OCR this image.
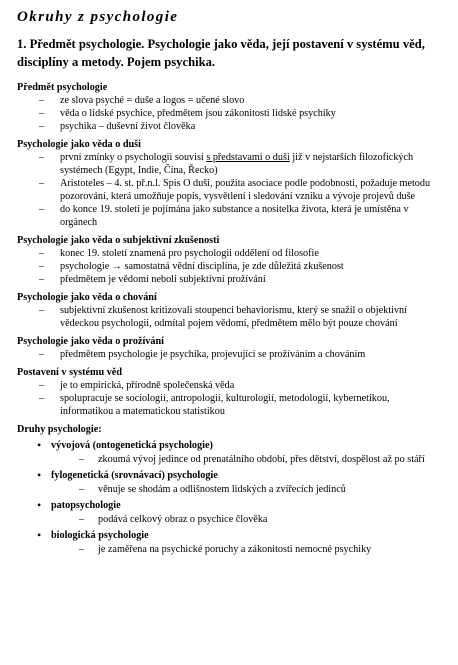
Okruhy z psychologie
1. Předmět psychologie. Psychologie jako věda, její postavení v systému věd, disciplíny a metody. Pojem psychika.
Předmět psychologie
– ze slova psyché = duše a logos = učené slovo
– věda o lidské psychice, předmětem jsou zákonitosti lidské psychiky
– psychika – duševní život člověka
Psychologie jako věda o duši
– první zmínky o psychologii souvisí s představami o duši již v nejstarších filozofických systémech (Egypt, Indie, Čína, Řecko)
– Aristoteles – 4. st. př.n.l. Spis O duši, použita asociace podle podobnosti, požaduje metodu pozorování, která umožňuje popis, vysvětlení i sledování vzniku a vývoje projevů duše
– do konce 19. století je pojímána jako substance a nositelka života, která je umístěna v orgánech
Psychologie jako věda o subjektivní zkušenosti
– konec 19. století znamená pro psychologii oddělení od filosofie
– psychologie → samostatná vědní disciplína, je zde důležitá zkušenost
– předmětem je vědomí neboli subjektivní prožívání
Psychologie jako věda o chování
– subjektivní zkušenost kritizovali stoupenci behaviorismu, který se snažil o objektivní vědeckou psychologii, odmítal pojem vědomí, předmětem mělo být pouze chování
Psychologie jako věda o prožívání
– předmětem psychologie je psychika, projevující se prožíváním a chováním
Postavení v systému věd
– je to empirická, přírodně společenská věda
– spolupracuje se sociologií, antropologií, kulturologií, metodologií, kybernetikou, informatikou a matematickou statistikou
Druhy psychologie:
• vývojová (ontogenetická psychologie)
– zkoumá vývoj jedince od prenatálního období, přes dětství, dospělost až po stáří
• fylogenetická (srovnávací) psychologie
– věnuje se shodám a odlišnostem lidských a zvířecích jedinců
• patopsychologie
– podává celkový obraz o psychice člověka
• biologická psychologie
– je zaměřena na psychické poruchy a zákonitosti nemocné psychiky
